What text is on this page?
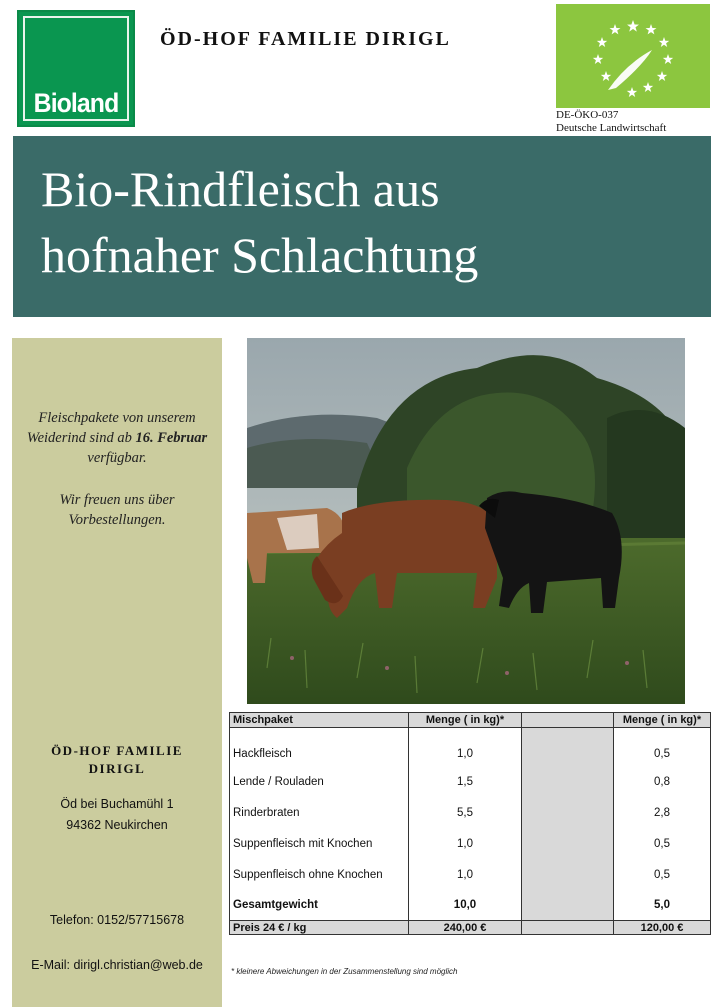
Bioland
ÖD-HOF FAMILIE DIRIGL
DE-ÖKO-037
Deutsche Landwirtschaft
Bio-Rindfleisch aus
hofnaher Schlachtung
Fleischpakete von unserem Weiderind sind ab 16. Februar verfügbar.
Wir freuen uns über Vorbestellungen.
ÖD-HOF FAMILIE
DIRIGL
Öd bei Buchamühl 1
94362 Neukirchen
Telefon: 0152/57715678
E-Mail: dirigl.christian@web.de
Mischpaket	Menge ( in kg)*		Menge ( in kg)*
Hackfleisch	1,0		0,5
Lende / Rouladen	1,5		0,8
Rinderbraten	5,5		2,8
Suppenfleisch mit Knochen	1,0		0,5
Suppenfleisch ohne Knochen	1,0		0,5
Gesamtgewicht	10,0		5,0
Preis 24 € / kg	240,00 €		120,00 €
* kleinere Abweichungen in der Zusammenstellung sind möglich
